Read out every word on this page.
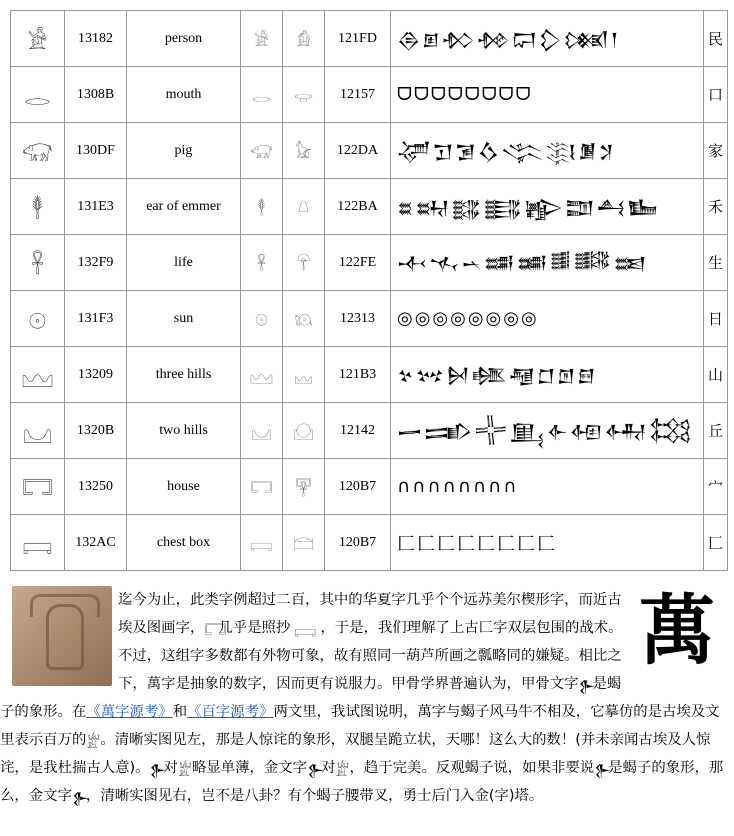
𓀀	13182	person	𓀀	𓀁	121FD	𒁲𒁳𒁴𒁵𒁶𒁷𒁸𒁹	民
𓂋	1308B	mouth	𓂋	𓂌	12157	ᗜᗜᗜᗜᗜᗜᗜᗜ	口
𓃟	130DF	pig	𓃟	𓃠	122DA	𒋚𒋛𒋜𒋝𒋞𒋟𒋠𒋡	家
𓇣	131E3	ear of emmer	𓇣	𓇤	122BA	𒊺𒊻𒊼𒊽𒊾𒊿𒋀𒋁	禾
𓋹	132F9	life	𓋹	𓋺	122FE	𒋾𒋿𒌀𒌁𒌂𒌃𒌄𒌅	生
𓇳	131F3	sun	𓇳	𓇴	12313	◎◎◎◎◎◎◎◎	日
𓈉	13209	three hills	𓈉	𓈊	121B3	𒆳𒆴𒆵𒆶𒆷𒆸𒆹𒆺	山
𓈋	1320B	two hills	𓈋	𓈌	12142	𒅂𒅃𒅄𒅅𒅆𒅇𒅈𒅉	丘
𓉐	13250	house	𓉐	𓉑	120B7	∩∩∩∩∩∩∩∩	宀
𓊬	132AC	chest box	𓊬	𓊭	120B7	匚匚匚匚匚匚匚匚	匚
萬

迄今为止，此类字例超过二百，其中的华夏字几乎个个远苏美尔楔形字，而近古埃及图画字，𓉐几乎是照抄 𓊬 ，于是，我们理解了上古匚字双层包围的战术。不过，这组字多数都有外物可象，故有照同一葫芦所画之瓢略同的嫌疑。相比之下，萬字是抽象的数字，因而更有说服力。甲骨学界普遍认为，甲骨文字𒉿是蝎子的象形。在《萬字源考》和《百字源考》两文里，我试图说明，萬字与蝎子风马牛不相及，它摹仿的是古埃及文里表示百万的𓁨。清晰实图见左，那是人惊诧的象形，双腿呈跪立状，天哪！这么大的数！(并未亲闻古埃及人惊诧，是我杜揣古人意)。𒉿对𓁨略显单薄，金文字𒉿对𓁨，趋于完美。反观蝎子说，如果非要说𒉿是蝎子的象形，那么，金文字𒉿，清晰实图见右，岂不是八卦？有个蝎子腰带叉，勇士后门入金(字)塔。
